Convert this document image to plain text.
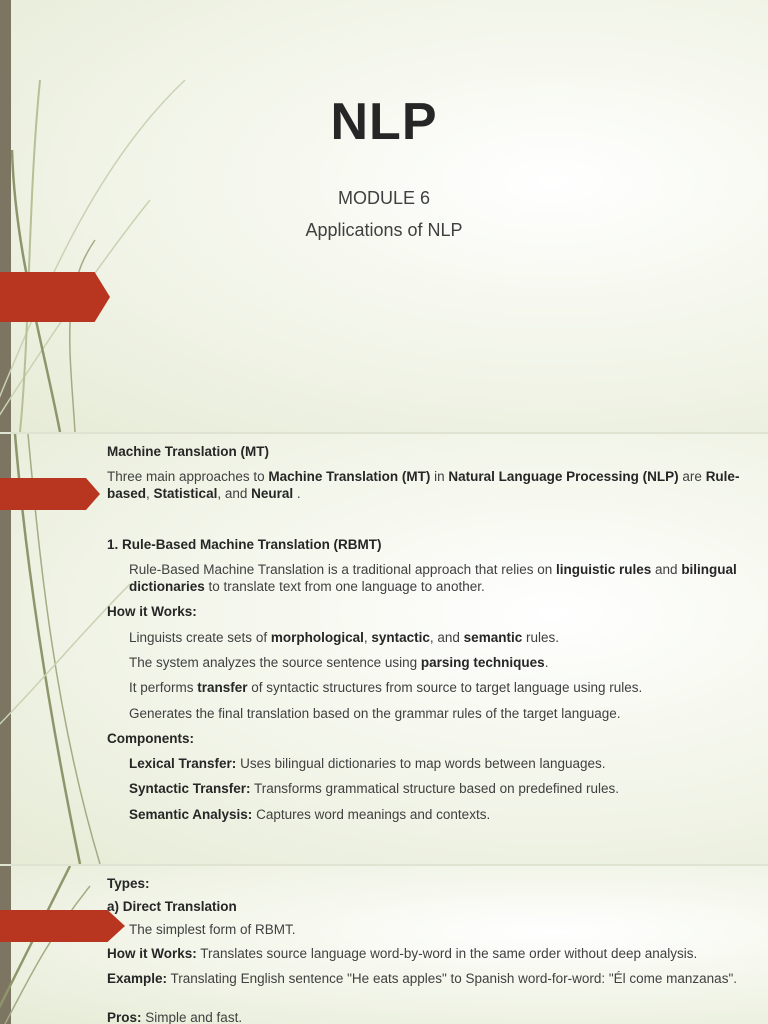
NLP
MODULE 6
Applications of NLP
Machine Translation (MT)
Three main approaches to Machine Translation (MT) in Natural Language Processing (NLP) are Rule-based, Statistical, and Neural .
1. Rule-Based Machine Translation (RBMT)
Rule-Based Machine Translation is a traditional approach that relies on linguistic rules and bilingual dictionaries to translate text from one language to another.
How it Works:
Linguists create sets of morphological, syntactic, and semantic rules.
The system analyzes the source sentence using parsing techniques.
It performs transfer of syntactic structures from source to target language using rules.
Generates the final translation based on the grammar rules of the target language.
Components:
Lexical Transfer: Uses bilingual dictionaries to map words between languages.
Syntactic Transfer: Transforms grammatical structure based on predefined rules.
Semantic Analysis: Captures word meanings and contexts.
Types:
a) Direct Translation
The simplest form of RBMT.
How it Works: Translates source language word-by-word in the same order without deep analysis.
Example: Translating English sentence "He eats apples" to Spanish word-for-word: "Él come manzanas".
Pros: Simple and fast.
